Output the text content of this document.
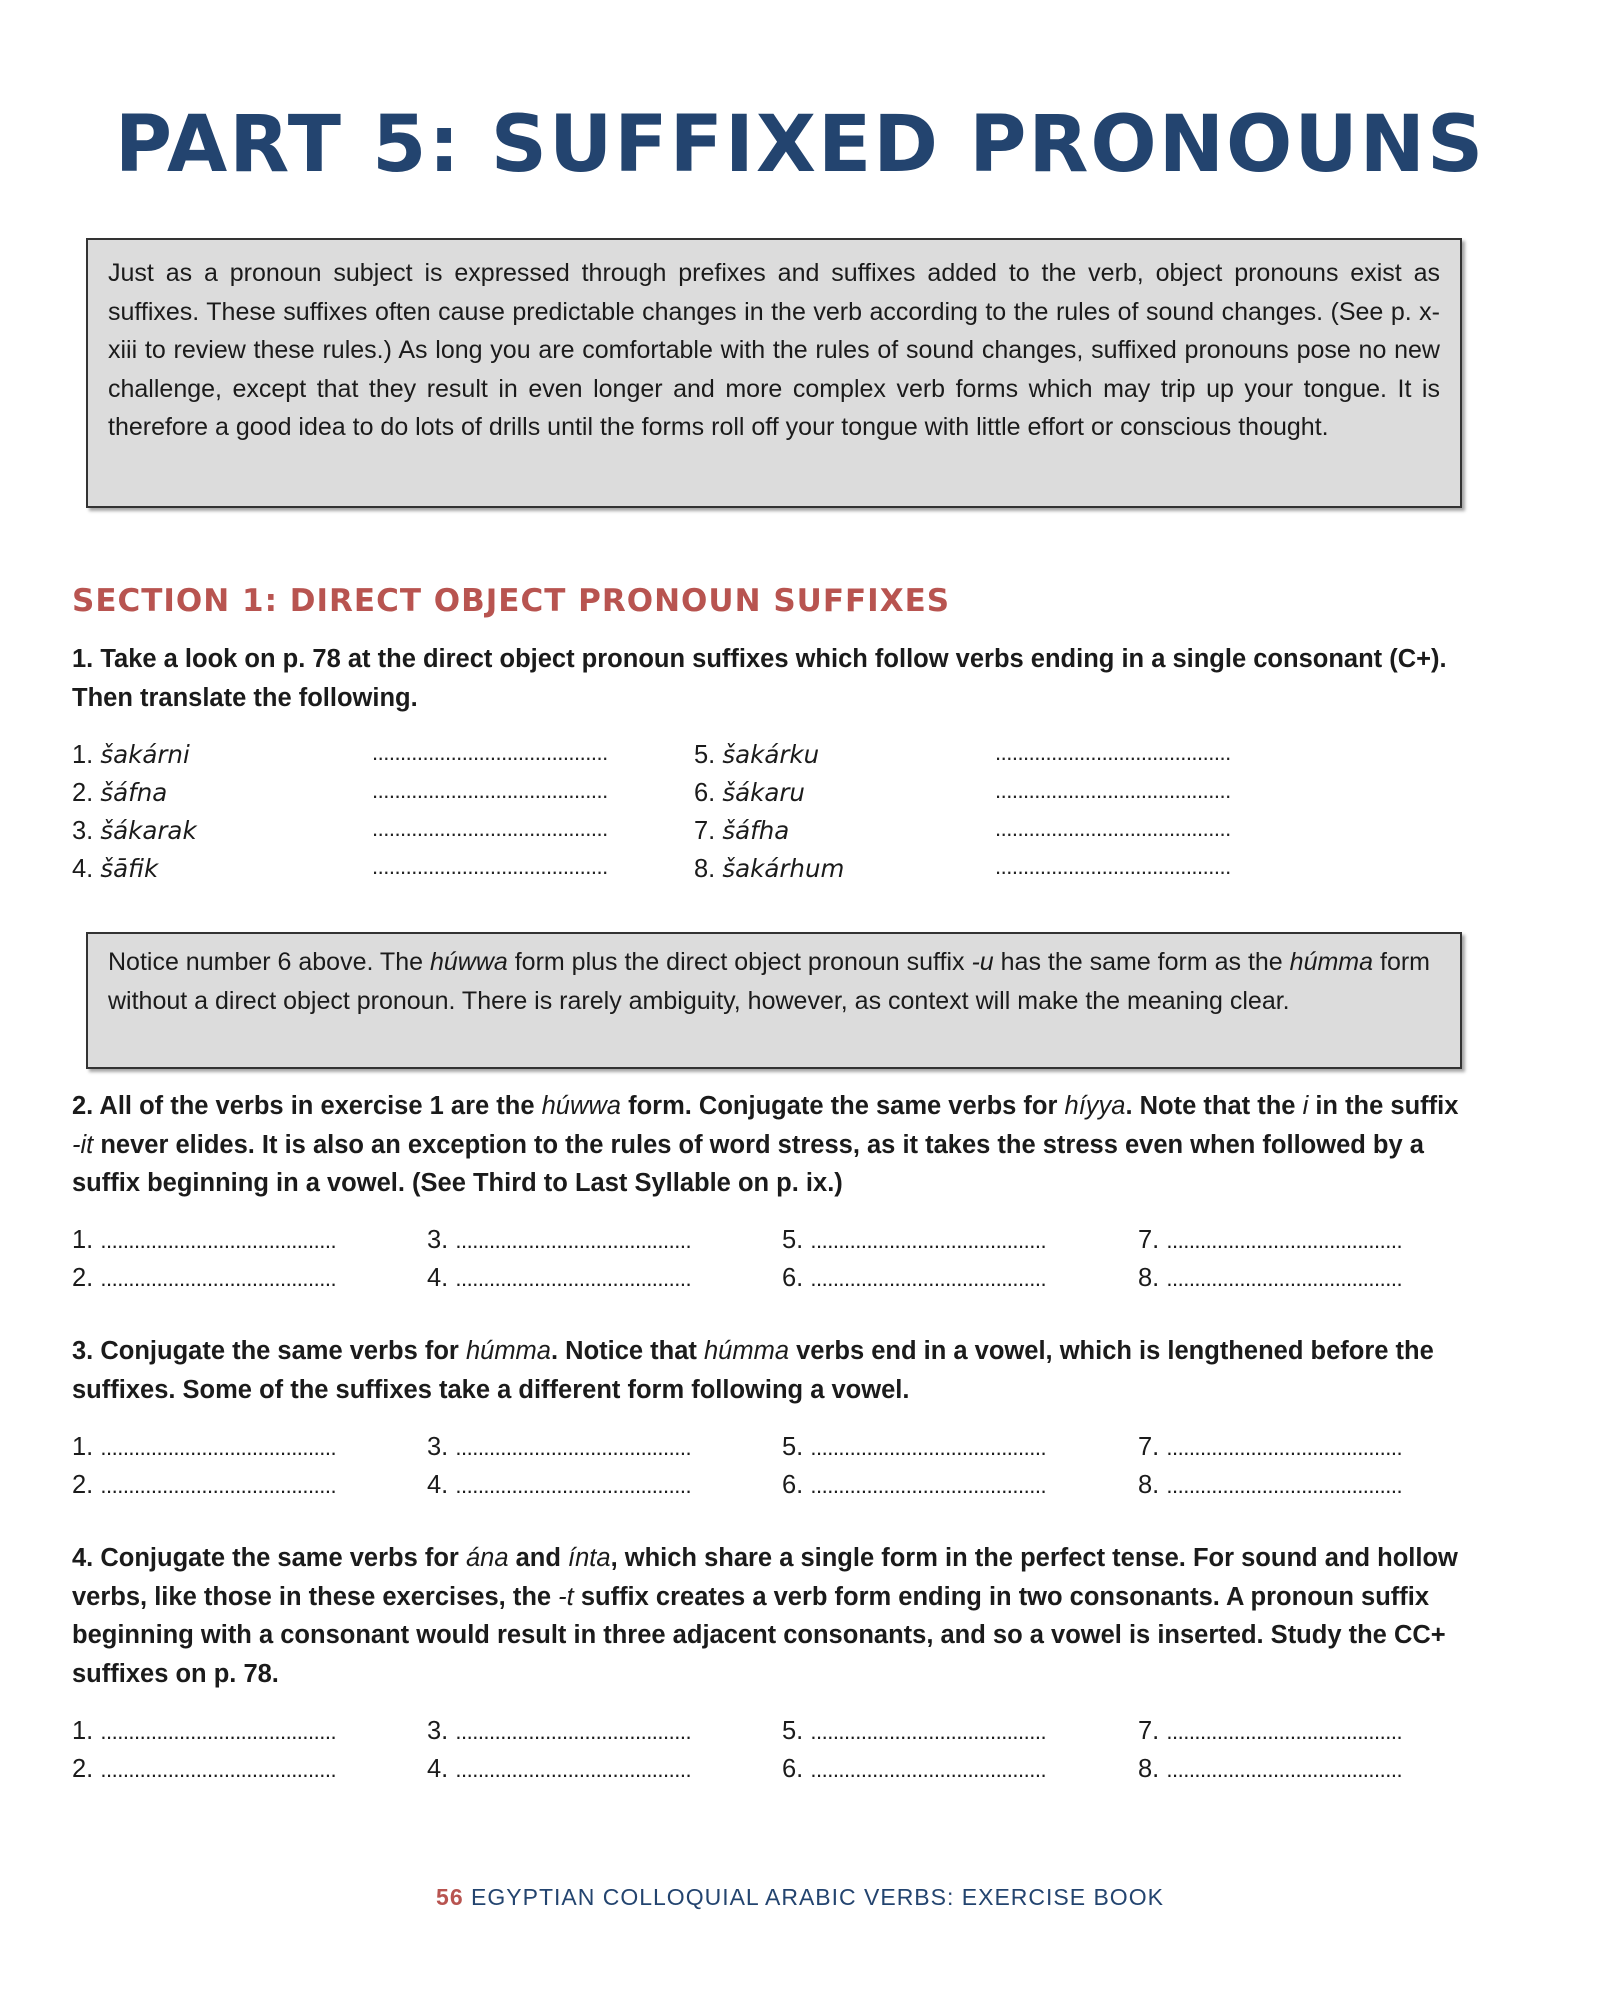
PART 5: SUFFIXED PRONOUNS
Just as a pronoun subject is expressed through prefixes and suffixes added to the verb, object pronouns exist as suffixes. These suffixes often cause predictable changes in the verb according to the rules of sound changes. (See p. x-xiii to review these rules.) As long you are comfortable with the rules of sound changes, suffixed pronouns pose no new challenge, except that they result in even longer and more complex verb forms which may trip up your tongue. It is therefore a good idea to do lots of drills until the forms roll off your tongue with little effort or conscious thought.
SECTION 1: DIRECT OBJECT PRONOUN SUFFIXES

1. Take a look on p. 78 at the direct object pronoun suffixes which follow verbs ending in a single consonant (C+). Then translate the following.

1. šakárni
2. šáfna
3. šákarak
4. šāfik
5. šakárku
6. šákaru
7. šáfha
8. šakárhum
..........................................
..........................................
..........................................
..........................................
..........................................
..........................................
..........................................
..........................................
Notice number 6 above. The húwwa form plus the direct object pronoun suffix -u has the same form as the húmma form without a direct object pronoun. There is rarely ambiguity, however, as context will make the meaning clear.

2. All of the verbs in exercise 1 are the húwwa form. Conjugate the same verbs for híyya. Note that the i in the suffix -it never elides. It is also an exception to the rules of word stress, as it takes the stress even when followed by a suffix beginning in a vowel. (See Third to Last Syllable on p. ix.)

1. ..........................................
2. ..........................................
3. ..........................................
4. ..........................................
5. ..........................................
6. ..........................................
7. ..........................................
8. ..........................................

3. Conjugate the same verbs for húmma. Notice that húmma verbs end in a vowel, which is lengthened before the suffixes. Some of the suffixes take a different form following a vowel.

1. ..........................................
2. ..........................................
3. ..........................................
4. ..........................................
5. ..........................................
6. ..........................................
7. ..........................................
8. ..........................................

4. Conjugate the same verbs for ána and ínta, which share a single form in the perfect tense. For sound and hollow verbs, like those in these exercises, the -t suffix creates a verb form ending in two consonants. A pronoun suffix beginning with a consonant would result in three adjacent consonants, and so a vowel is inserted. Study the CC+ suffixes on p. 78.

1. ..........................................
2. ..........................................
3. ..........................................
4. ..........................................
5. ..........................................
6. ..........................................
7. ..........................................
8. ..........................................
56 EGYPTIAN COLLOQUIAL ARABIC VERBS: EXERCISE BOOK
